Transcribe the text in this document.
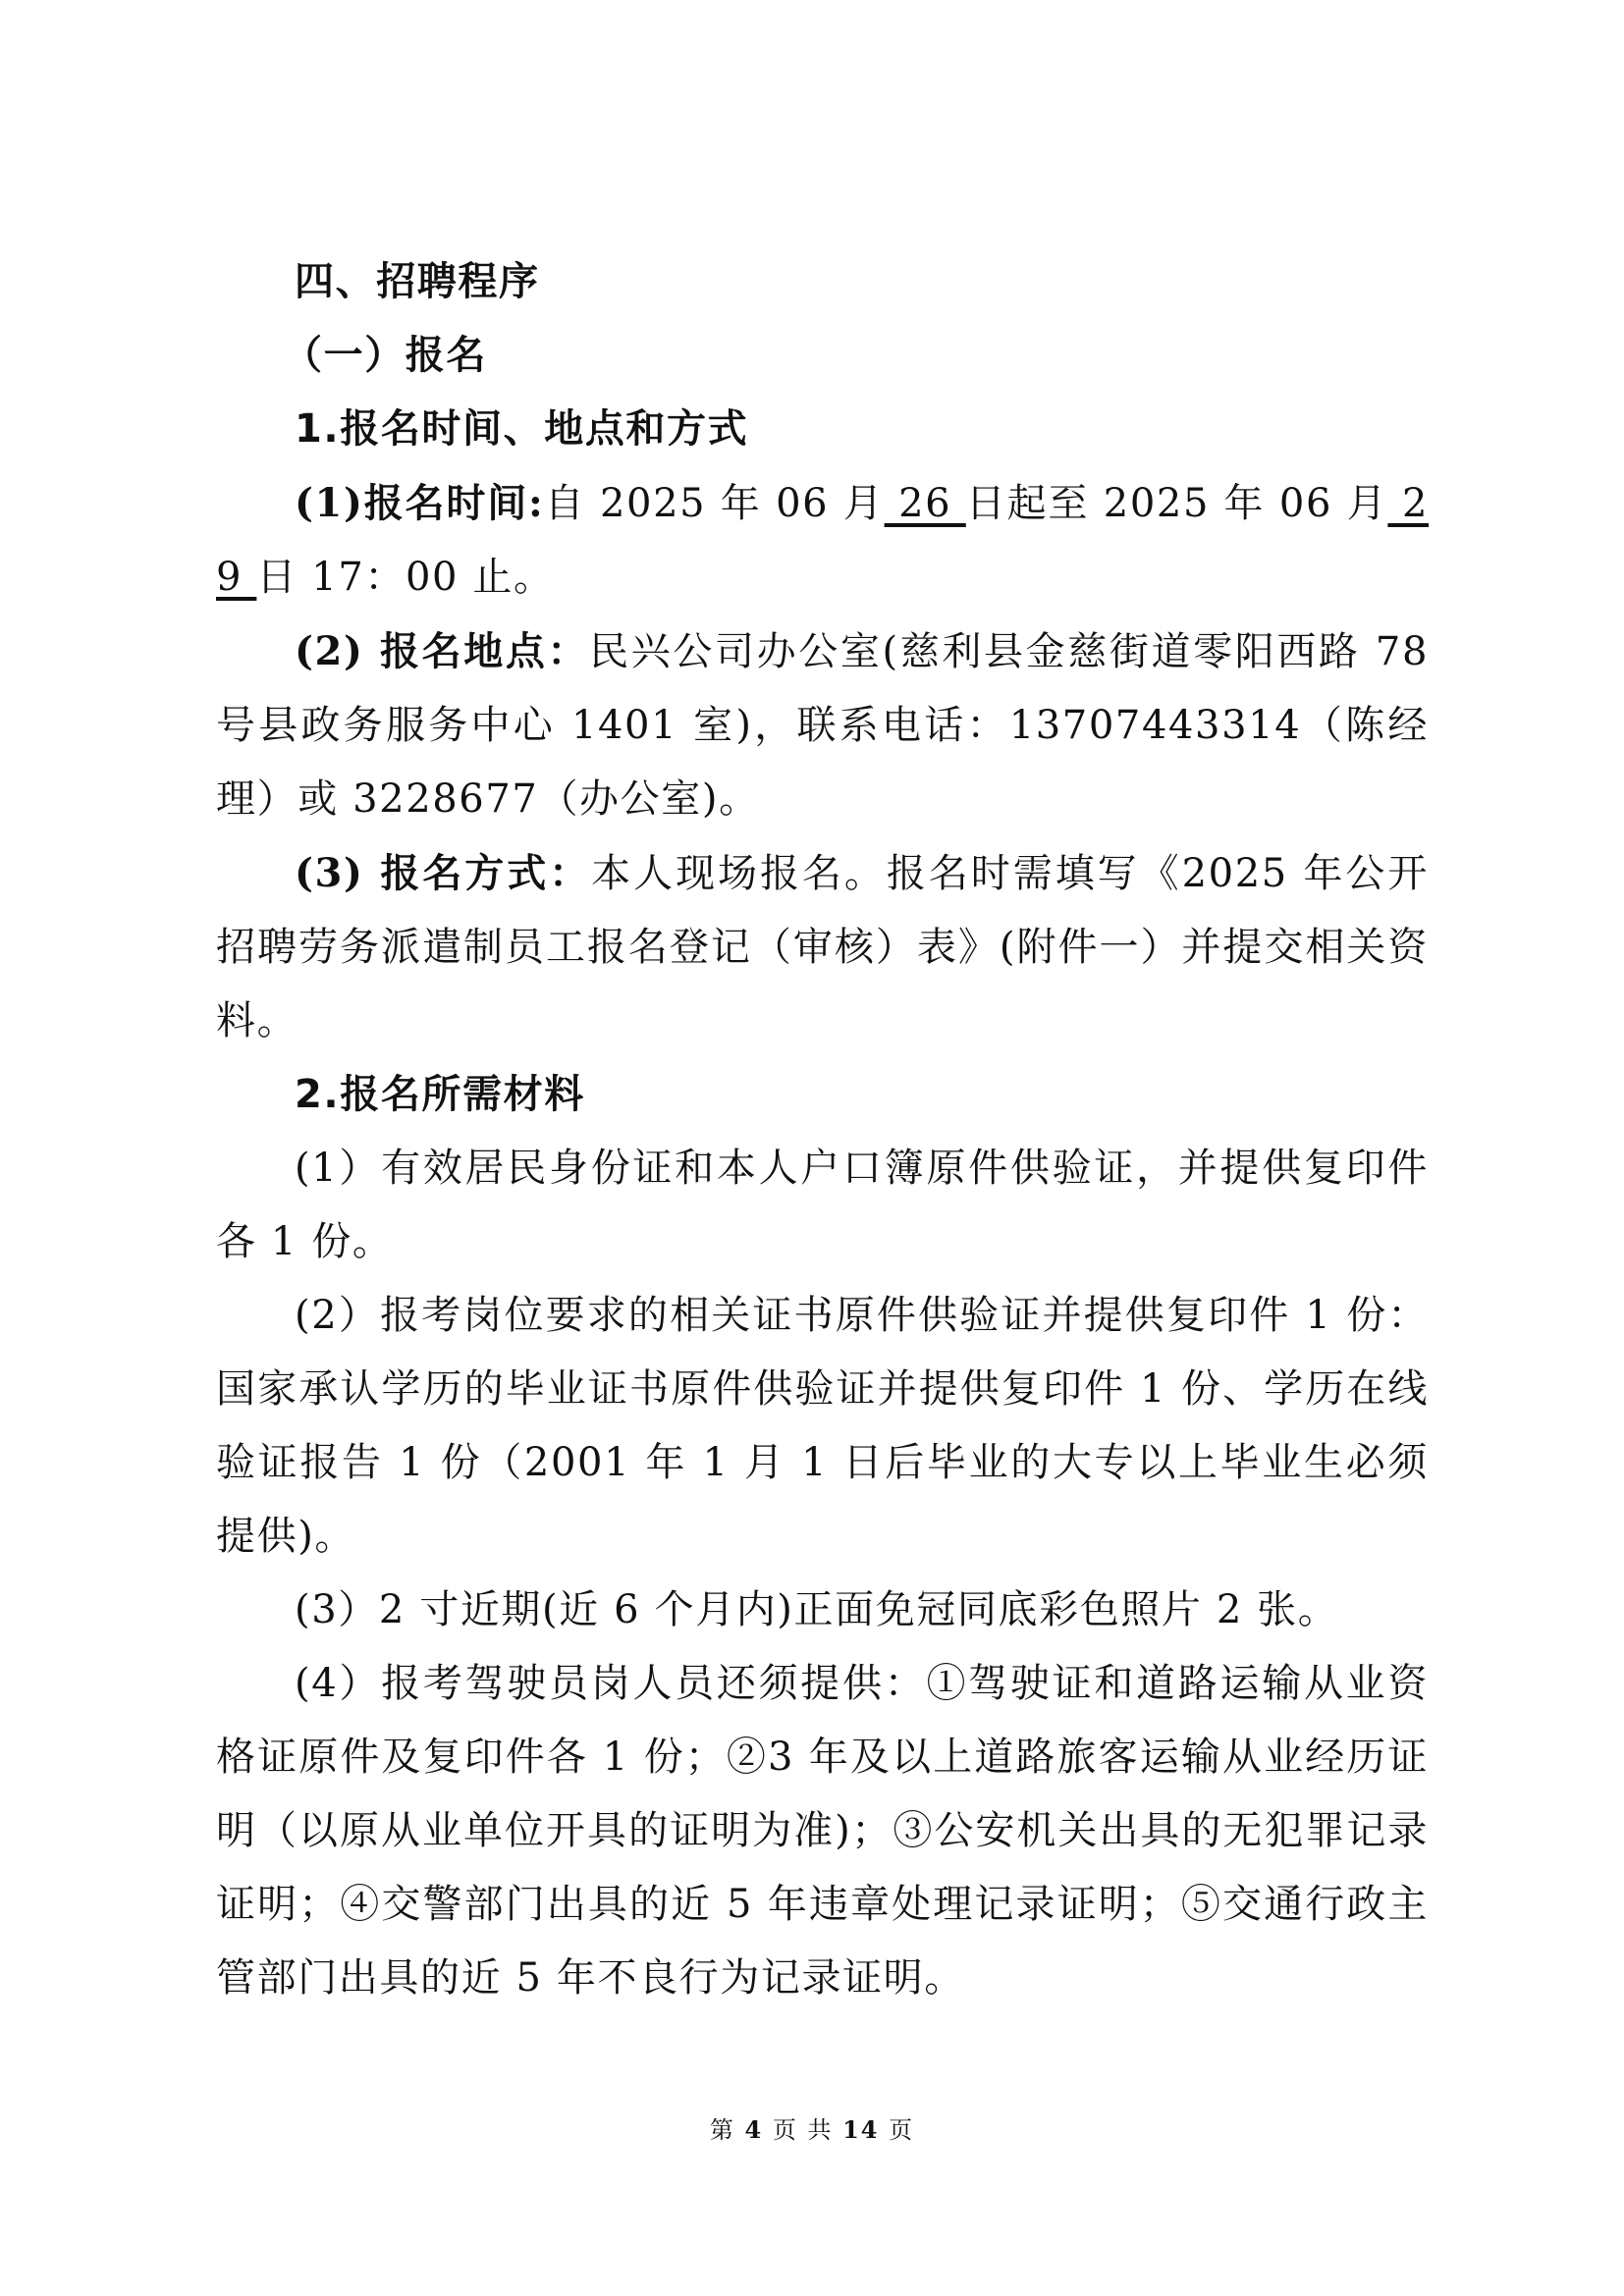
四、招聘程序

（一）报名

1.报名时间、地点和方式

(1)报名时间:自 2025 年 06 月 26 日起至 2025 年 06 月 29 日 17：00 止。

(2) 报名地点：民兴公司办公室(慈利县金慈街道零阳西路 78 号县政务服务中心 1401 室)，联系电话：13707443314（陈经理）或 3228677（办公室)。

(3) 报名方式：本人现场报名。报名时需填写《2025 年公开招聘劳务派遣制员工报名登记（审核）表》(附件一）并提交相关资料。

2.报名所需材料

(1）有效居民身份证和本人户口簿原件供验证，并提供复印件各 1 份。

(2）报考岗位要求的相关证书原件供验证并提供复印件 1 份：国家承认学历的毕业证书原件供验证并提供复印件 1 份、学历在线验证报告 1 份（2001 年 1 月 1 日后毕业的大专以上毕业生必须提供)。

(3）2 寸近期(近 6 个月内)正面免冠同底彩色照片 2 张。

(4）报考驾驶员岗人员还须提供：①驾驶证和道路运输从业资格证原件及复印件各 1 份；②3 年及以上道路旅客运输从业经历证明（以原从业单位开具的证明为准)；③公安机关出具的无犯罪记录证明；④交警部门出具的近 5 年违章处理记录证明；⑤交通行政主管部门出具的近 5 年不良行为记录证明。

第 4 页 共 14 页
